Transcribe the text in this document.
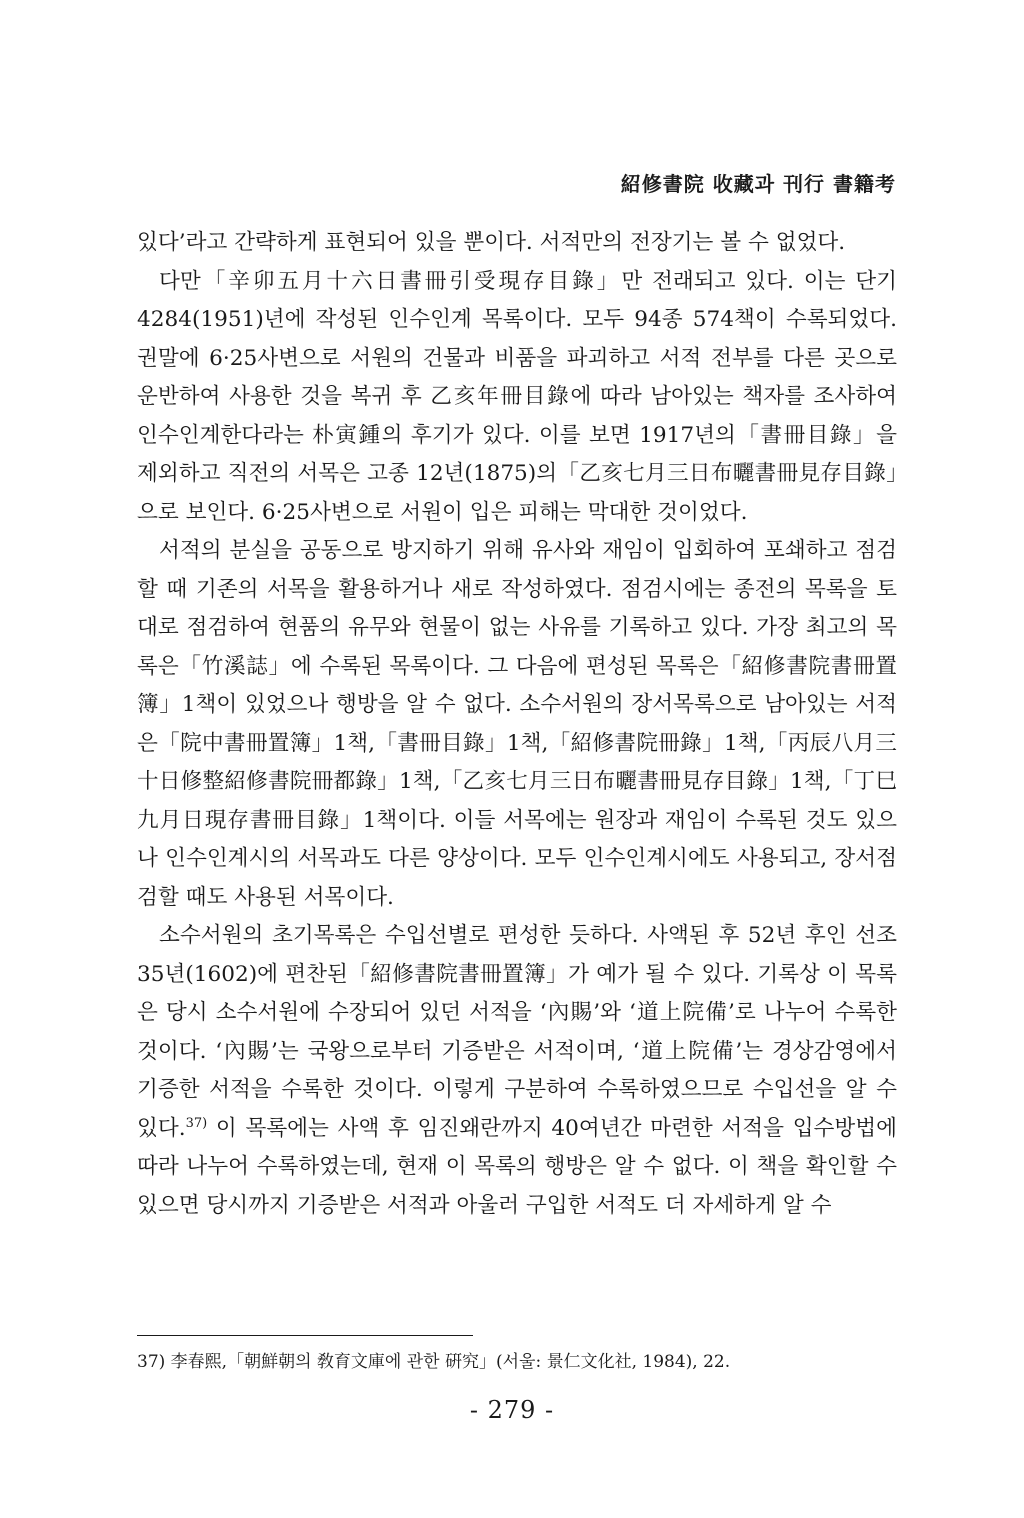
紹修書院 收藏과 刊行 書籍考

있다’라고 간략하게 표현되어 있을 뿐이다. 서적만의 전장기는 볼 수 없었다.

다만「辛卯五月十六日書冊引受現存目錄」만 전래되고 있다. 이는 단기 4284(1951)년에 작성된 인수인계 목록이다. 모두 94종 574책이 수록되었다. 권말에 6·25사변으로 서원의 건물과 비품을 파괴하고 서적 전부를 다른 곳으로 운반하여 사용한 것을 복귀 후 乙亥年冊目錄에 따라 남아있는 책자를 조사하여 인수인계한다라는 朴寅鍾의 후기가 있다. 이를 보면 1917년의「書冊目錄」을 제외하고 직전의 서목은 고종 12년(1875)의「乙亥七月三日布曬書冊見存目錄」으로 보인다. 6·25사변으로 서원이 입은 피해는 막대한 것이었다.

서적의 분실을 공동으로 방지하기 위해 유사와 재임이 입회하여 포쇄하고 점검할 때 기존의 서목을 활용하거나 새로 작성하였다. 점검시에는 종전의 목록을 토대로 점검하여 현품의 유무와 현물이 없는 사유를 기록하고 있다. 가장 최고의 목록은「竹溪誌」에 수록된 목록이다. 그 다음에 편성된 목록은「紹修書院書冊置簿」1책이 있었으나 행방을 알 수 없다. 소수서원의 장서목록으로 남아있는 서적은「院中書冊置簿」1책,「書冊目錄」1책,「紹修書院冊錄」1책,「丙辰八月三十日修整紹修書院冊都錄」1책,「乙亥七月三日布曬書冊見存目錄」1책,「丁巳九月日現存書冊目錄」1책이다. 이들 서목에는 원장과 재임이 수록된 것도 있으나 인수인계시의 서목과도 다른 양상이다. 모두 인수인계시에도 사용되고, 장서점검할 때도 사용된 서목이다.

소수서원의 초기목록은 수입선별로 편성한 듯하다. 사액된 후 52년 후인 선조 35년(1602)에 편찬된「紹修書院書冊置簿」가 예가 될 수 있다. 기록상 이 목록은 당시 소수서원에 수장되어 있던 서적을 ‘內賜’와 ‘道上院備’로 나누어 수록한 것이다. ‘內賜’는 국왕으로부터 기증받은 서적이며, ‘道上院備’는 경상감영에서 기증한 서적을 수록한 것이다. 이렇게 구분하여 수록하였으므로 수입선을 알 수 있다.$^{37)}$ 이 목록에는 사액 후 임진왜란까지 40여년간 마련한 서적을 입수방법에 따라 나누어 수록하였는데, 현재 이 목록의 행방은 알 수 없다. 이 책을 확인할 수 있으면 당시까지 기증받은 서적과 아울러 구입한 서적도 더 자세하게 알 수

37) 李春熙,「朝鮮朝의 敎育文庫에 관한 硏究」(서울: 景仁文化社, 1984), 22.
- 279 -
